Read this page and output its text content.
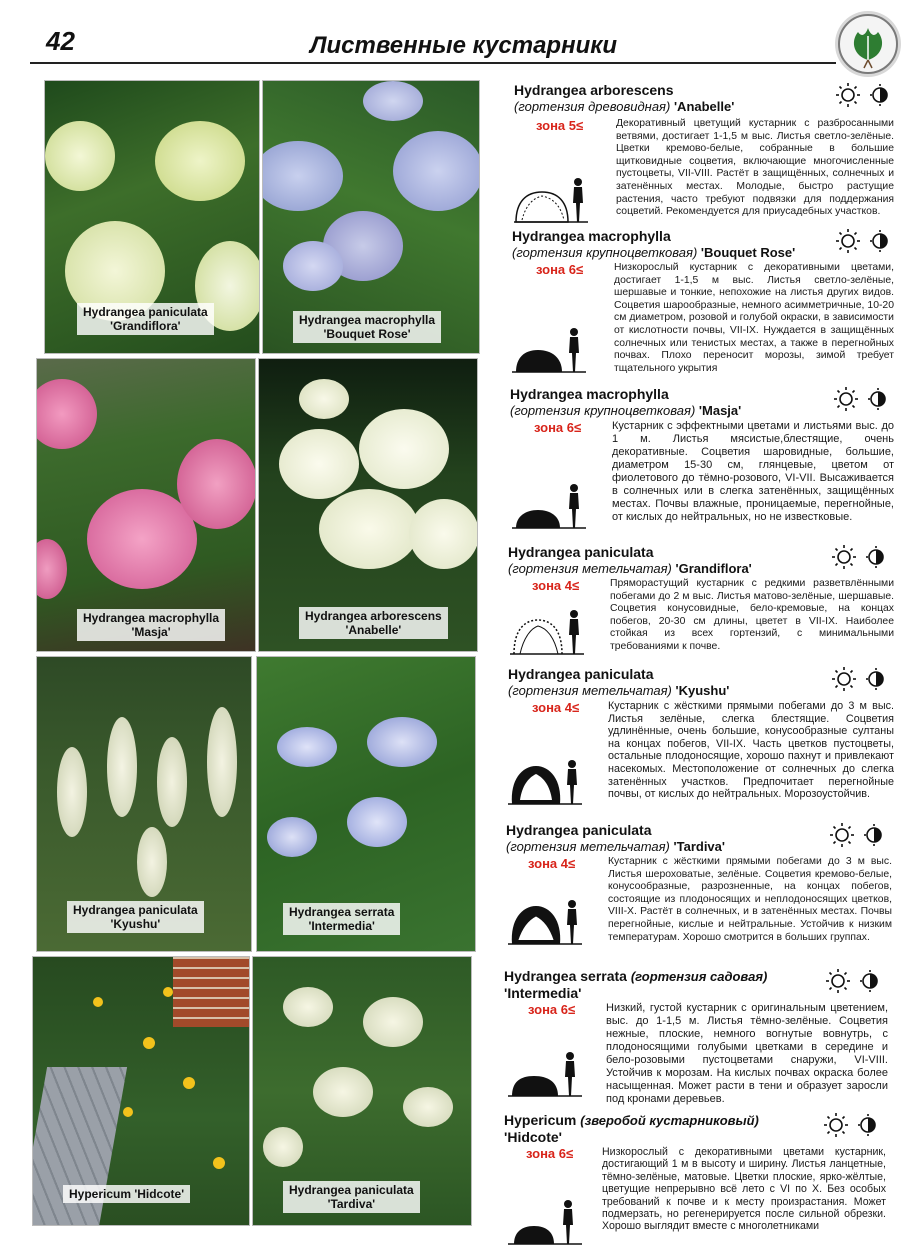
42	Лиственные кустарники
Hydrangea paniculata
'Grandiflora'	Hydrangea macrophylla
'Bouquet Rose'
Hydrangea macrophylla
'Masja'
Hydrangea arborescens
'Anabelle'
Hydrangea paniculata
'Kyushu'
Hydrangea serrata
'Intermedia'
Hypericum 'Hidcote'	Hydrangea paniculata
'Tardiva'
Hydrangea arborescens
(гортензия древовидная) 'Anabelle'
зона 5≤	Декоративный цветущий кустарник с разбросанными ветвями, достигает 1-1,5 м выс. Листья светло-зелёные. Цветки кремово-белые, собранные в большие щитковидные соцветия, включающие многочисленные пустоцветы, VII-VIII. Растёт в защищённых, солнечных и затенённых местах. Молодые, быстро растущие растения, часто требуют подвязки для поддержания соцветий. Рекомендуется для приусадебных участков.
Hydrangea macrophylla
(гортензия крупноцветковая) 'Bouquet Rose'
зона 6≤	Низкорослый кустарник с декоративными цветами, достигает 1-1,5 м выс. Листья светло-зелёные, шершавые и тонкие, непохожие на листья других видов. Соцветия шарообразные, немного асимметричные, 10-20 см диаметром, розовой и голубой окраски, в зависимости от кислотности почвы, VII-IX. Нуждается в защищённых солнечных или тенистых местах, а также в перегнойных почвах. Плохо переносит морозы, зимой требует тщательного укрытия
Hydrangea macrophylla
(гортензия крупноцветковая) 'Masja'
зона 6≤	Кустарник с эффектными цветами и листьями выс. до 1 м. Листья мясистые,блестящие, очень декоративные. Соцветия шаровидные, большие, диаметром 15-30 см, глянцевые, цветом от фиолетового до тёмно-розового, VI-VII. Высаживается в солнечных или в слегка затенённых, защищённых местах. Почвы влажные, проницаемые, перегнойные, от кислых до нейтральных, но не известковые.
Hydrangea paniculata
(гортензия метельчатая) 'Grandiflora'
зона 4≤	Пряморастущий кустарник с редкими разветвлёнными побегами до 2 м выс. Листья матово-зелёные, шершавые. Соцветия конусовидные, бело-кремовые, на концах побегов, 20-30 см длины, цветет в VII-IX. Наиболее стойкая из всех гортензий, с минимальными требованиями к почве.
Hydrangea paniculata
(гортензия метельчатая) 'Kyushu'
зона 4≤	Кустарник с жёсткими прямыми побегами до 3 м выс. Листья зелёные, слегка блестящие. Соцветия удлинённые, очень большие, конусообразные султаны на концах побегов, VII-IX. Часть цветков пустоцветы, остальные плодоносящие, хорошо пахнут и привлекают насекомых. Местоположение от солнечных до слегка затенённых участков. Предпочитает перегнойные почвы, от кислых до нейтральных. Морозоустойчив.
Hydrangea paniculata
(гортензия метельчатая) 'Tardiva'
зона 4≤	Кустарник с жёсткими прямыми побегами до 3 м выс. Листья шероховатые, зелёные. Соцветия кремово-белые, конусообразные, разрозненные, на концах побегов, состоящие из плодоносящих и неплодоносящих цветков, VIII-X. Растёт в солнечных, и в затенённых местах. Почвы перегнойные, кислые и нейтральные. Устойчив к низким температурам. Хорошо смотрится в больших группах.
Hydrangea serrata (гортензия садовая)
'Intermedia'
зона 6≤	Низкий, густой кустарник с оригинальным цветением, выс. до 1-1,5 м. Листья тёмно-зелёные. Соцветия нежные, плоские, немного вогнутые вовнутрь, с плодоносящими голубыми цветками в середине и бело-розовыми пустоцветами снаружи, VI-VIII. Устойчив к морозам. На кислых почвах окраска более насыщенная. Может расти в тени и образует заросли под кронами деревьев.
Hypericum (зверобой кустарниковый)
'Hidcote'
зона 6≤	Низкорослый с декоративными цветами кустарник, достигающий 1 м в высоту и ширину. Листья ланцетные, тёмно-зелёные, матовые. Цветки плоские, ярко-жёлтые, цветущие непрерывно всё лето с VI по X. Без особых требований к почве и к месту произрастания. Может подмерзать, но регенерируется после сильной обрезки. Хорошо выглядит вместе с многолетниками
